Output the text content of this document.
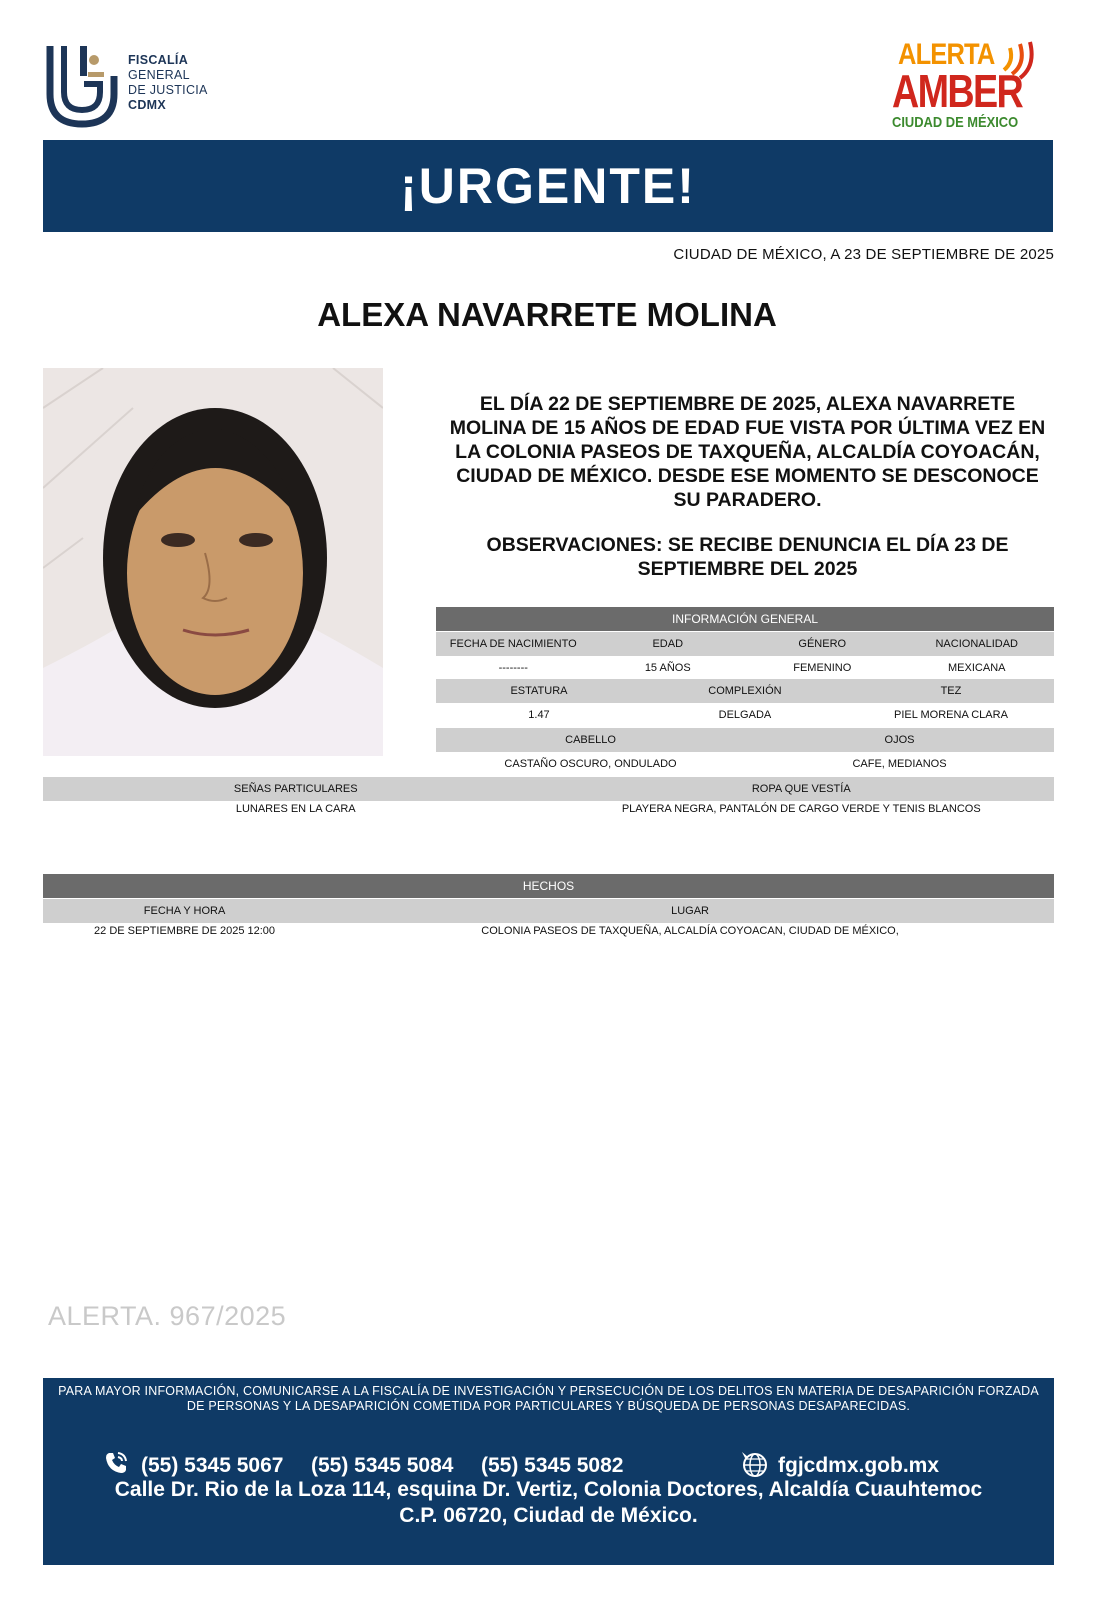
FISCALÍA
GENERAL
DE JUSTICIA
CDMX
ALERTA
AMBER
CIUDAD DE MÉXICO
¡URGENTE!
CIUDAD DE MÉXICO, A 23 DE SEPTIEMBRE DE 2025
ALEXA NAVARRETE MOLINA
EL DÍA 22 DE SEPTIEMBRE DE 2025, ALEXA NAVARRETE MOLINA DE 15 AÑOS DE EDAD FUE VISTA POR ÚLTIMA VEZ EN LA COLONIA PASEOS DE TAXQUEÑA, ALCALDÍA COYOACÁN, CIUDAD DE MÉXICO. DESDE ESE MOMENTO SE DESCONOCE SU PARADERO.
OBSERVACIONES: SE RECIBE DENUNCIA EL DÍA 23 DE SEPTIEMBRE DEL 2025
INFORMACIÓN GENERAL			
FECHA DE NACIMIENTO	EDAD	GÉNERO	NACIONALIDAD
--------	15 AÑOS	FEMENINO	MEXICANA
ESTATURA	COMPLEXIÓN	TEZ
1.47	DELGADA	PIEL MORENA CLARA
CABELLO	OJOS
CASTAÑO OSCURO, ONDULADO	CAFE, MEDIANOS
SEÑAS PARTICULARES	ROPA QUE VESTÍA
LUNARES EN LA CARA	PLAYERA NEGRA, PANTALÓN DE CARGO VERDE Y TENIS BLANCOS
HECHOS	
FECHA Y HORA	LUGAR
22 DE SEPTIEMBRE DE 2025 12:00	COLONIA PASEOS DE TAXQUEÑA, ALCALDÍA COYOACAN, CIUDAD DE MÉXICO,
ALERTA. 967/2025
PARA MAYOR INFORMACIÓN, COMUNICARSE A LA FISCALÍA DE INVESTIGACIÓN Y PERSECUCIÓN DE LOS DELITOS EN MATERIA DE DESAPARICIÓN FORZADA DE PERSONAS Y LA DESAPARICIÓN COMETIDA POR PARTICULARES Y BÚSQUEDA DE PERSONAS DESAPARECIDAS.
(55) 5345 5067 (55) 5345 5084 (55) 5345 5082	fgjcdmx.gob.mx
Calle Dr. Rio de la Loza 114, esquina Dr. Vertiz, Colonia Doctores, Alcaldía Cuauhtemoc
C.P. 06720, Ciudad de México.
